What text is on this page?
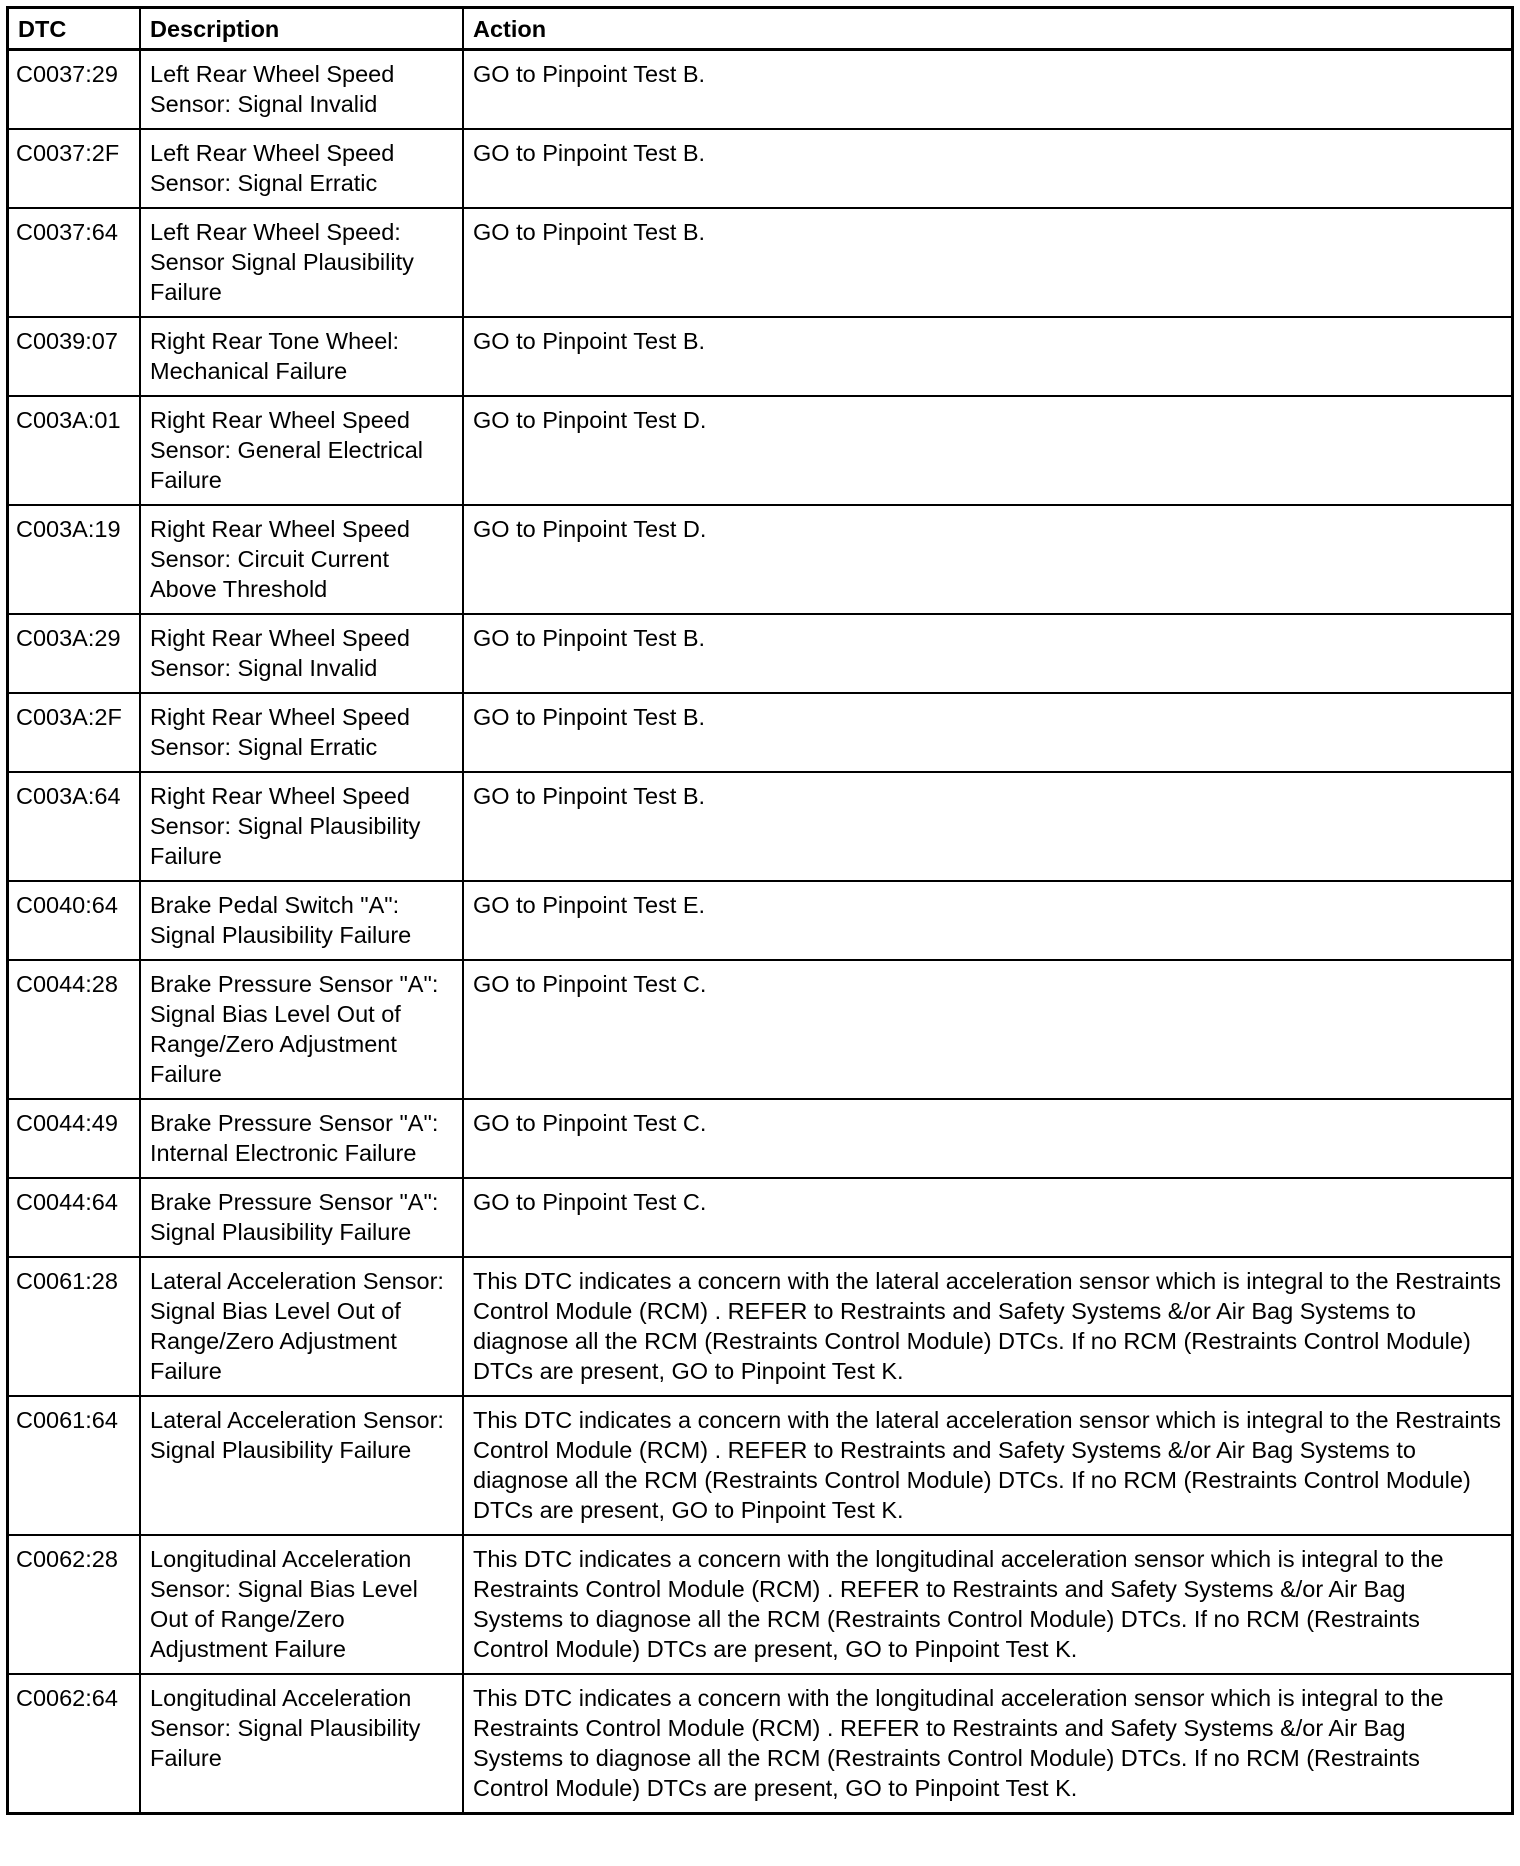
DTC	Description	Action
C0037:29	Left Rear Wheel Speed Sensor: Signal Invalid	GO to Pinpoint Test B.
C0037:2F	Left Rear Wheel Speed Sensor: Signal Erratic	GO to Pinpoint Test B.
C0037:64	Left Rear Wheel Speed: Sensor Signal Plausibility Failure	GO to Pinpoint Test B.
C0039:07	Right Rear Tone Wheel: Mechanical Failure	GO to Pinpoint Test B.
C003A:01	Right Rear Wheel Speed Sensor: General Electrical Failure	GO to Pinpoint Test D.
C003A:19	Right Rear Wheel Speed Sensor: Circuit Current Above Threshold	GO to Pinpoint Test D.
C003A:29	Right Rear Wheel Speed Sensor: Signal Invalid	GO to Pinpoint Test B.
C003A:2F	Right Rear Wheel Speed Sensor: Signal Erratic	GO to Pinpoint Test B.
C003A:64	Right Rear Wheel Speed Sensor: Signal Plausibility Failure	GO to Pinpoint Test B.
C0040:64	Brake Pedal Switch "A": Signal Plausibility Failure	GO to Pinpoint Test E.
C0044:28	Brake Pressure Sensor "A": Signal Bias Level Out of Range/Zero Adjustment Failure	GO to Pinpoint Test C.
C0044:49	Brake Pressure Sensor "A": Internal Electronic Failure	GO to Pinpoint Test C.
C0044:64	Brake Pressure Sensor "A": Signal Plausibility Failure	GO to Pinpoint Test C.
C0061:28	Lateral Acceleration Sensor: Signal Bias Level Out of Range/Zero Adjustment Failure	This DTC indicates a concern with the lateral acceleration sensor which is integral to the Restraints Control Module (RCM) . REFER to Restraints and Safety Systems &/or Air Bag Systems to diagnose all the RCM (Restraints Control Module) DTCs. If no RCM (Restraints Control Module) DTCs are present, GO to Pinpoint Test K.
C0061:64	Lateral Acceleration Sensor: Signal Plausibility Failure	This DTC indicates a concern with the lateral acceleration sensor which is integral to the Restraints Control Module (RCM) . REFER to Restraints and Safety Systems &/or Air Bag Systems to diagnose all the RCM (Restraints Control Module) DTCs. If no RCM (Restraints Control Module) DTCs are present, GO to Pinpoint Test K.
C0062:28	Longitudinal Acceleration Sensor: Signal Bias Level Out of Range/Zero Adjustment Failure	This DTC indicates a concern with the longitudinal acceleration sensor which is integral to the Restraints Control Module (RCM) . REFER to Restraints and Safety Systems &/or Air Bag Systems to diagnose all the RCM (Restraints Control Module) DTCs. If no RCM (Restraints Control Module) DTCs are present, GO to Pinpoint Test K.
C0062:64	Longitudinal Acceleration Sensor: Signal Plausibility Failure	This DTC indicates a concern with the longitudinal acceleration sensor which is integral to the Restraints Control Module (RCM) . REFER to Restraints and Safety Systems &/or Air Bag Systems to diagnose all the RCM (Restraints Control Module) DTCs. If no RCM (Restraints Control Module) DTCs are present, GO to Pinpoint Test K.
